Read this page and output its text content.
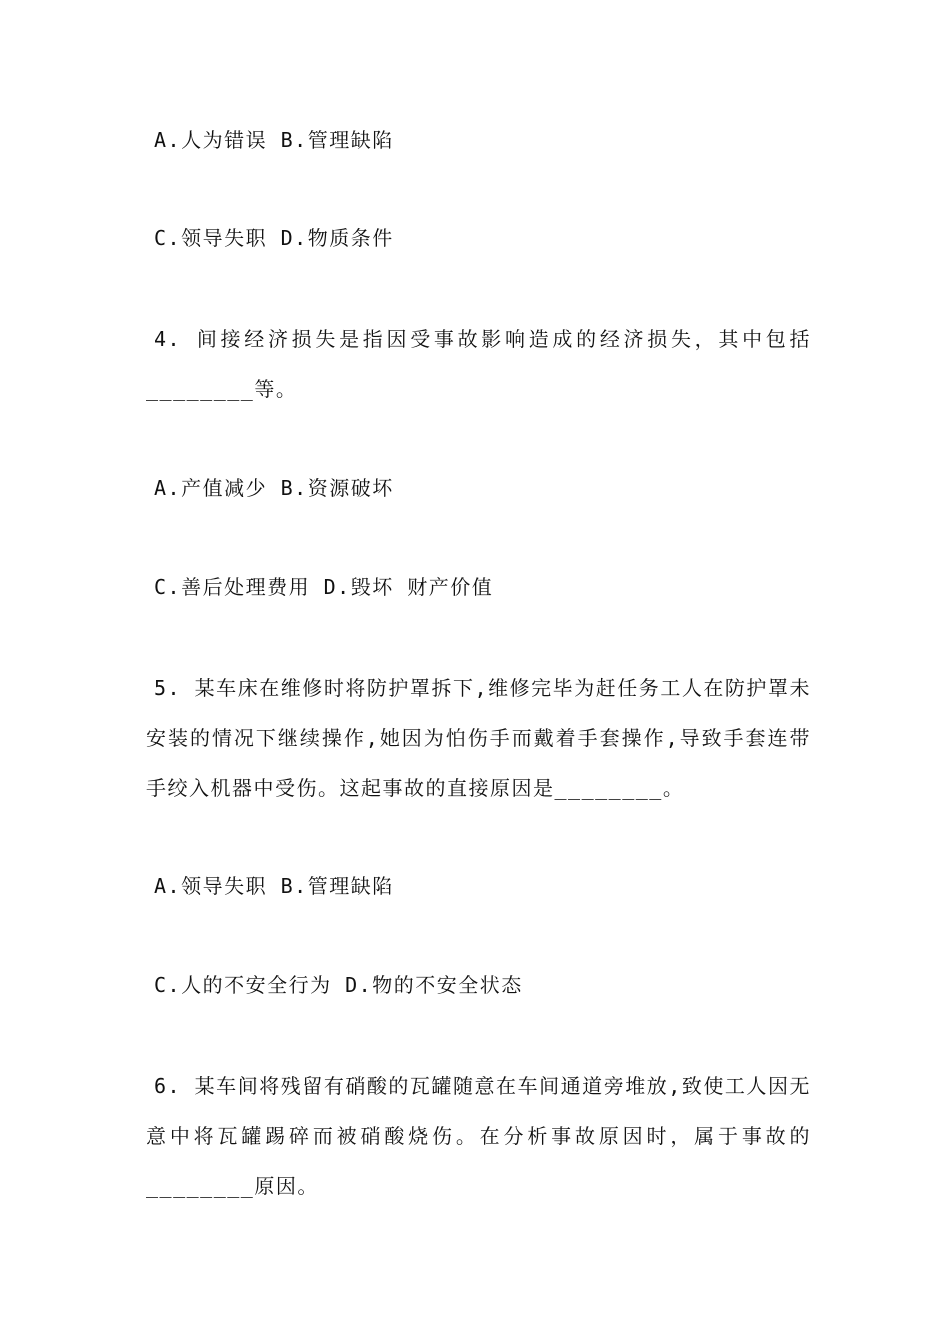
A.人为错误 B.管理缺陷
C.领导失职 D.物质条件
4. 间接经济损失是指因受事故影响造成的经济损失，其中包括________等。
A.产值减少 B.资源破坏
C.善后处理费用 D.毁坏 财产价值
5. 某车床在维修时将防护罩拆下,维修完毕为赶任务工人在防护罩未安装的情况下继续操作,她因为怕伤手而戴着手套操作,导致手套连带手绞入机器中受伤。这起事故的直接原因是________。
A.领导失职 B.管理缺陷
C.人的不安全行为 D.物的不安全状态
6. 某车间将残留有硝酸的瓦罐随意在车间通道旁堆放,致使工人因无意中将瓦罐踢碎而被硝酸烧伤。在分析事故原因时，属于事故的________原因。
